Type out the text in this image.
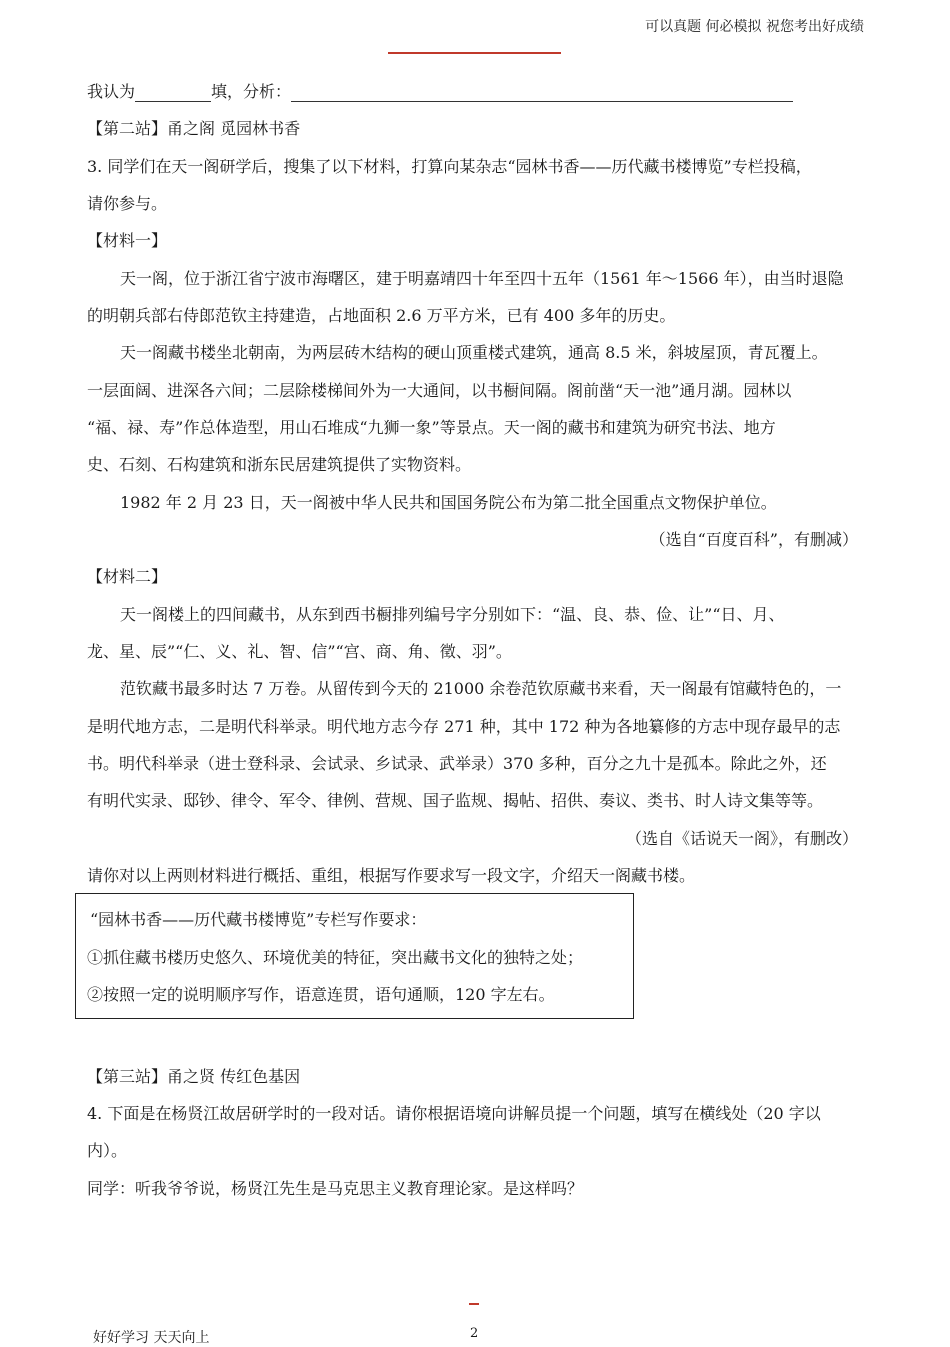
可以真题 何必模拟 祝您考出好成绩
我认为	填，分析：
【第二站】甬之阁 觅园林书香
3. 同学们在天一阁研学后，搜集了以下材料，打算向某杂志“园林书香——历代藏书楼博览”专栏投稿，
请你参与。
【材料一】
天一阁，位于浙江省宁波市海曙区，建于明嘉靖四十年至四十五年（1561 年～1566 年），由当时退隐
的明朝兵部右侍郎范钦主持建造，占地面积 2.6 万平方米，已有 400 多年的历史。
天一阁藏书楼坐北朝南，为两层砖木结构的硬山顶重楼式建筑，通高 8.5 米，斜坡屋顶，青瓦覆上。
一层面阔、进深各六间；二层除楼梯间外为一大通间，以书橱间隔。阁前凿“天一池”通月湖。园林以
“福、禄、寿”作总体造型，用山石堆成“九狮一象”等景点。天一阁的藏书和建筑为研究书法、地方
史、石刻、石构建筑和浙东民居建筑提供了实物资料。
1982 年 2 月 23 日，天一阁被中华人民共和国国务院公布为第二批全国重点文物保护单位。
（选自“百度百科”，有删减）
【材料二】
天一阁楼上的四间藏书，从东到西书橱排列编号字分别如下：“温、良、恭、俭、让”“日、月、
龙、星、辰”“仁、义、礼、智、信”“宫、商、角、徵、羽”。
范钦藏书最多时达 7 万卷。从留传到今天的 21000 余卷范钦原藏书来看，天一阁最有馆藏特色的，一
是明代地方志，二是明代科举录。明代地方志今存 271 种，其中 172 种为各地纂修的方志中现存最早的志
书。明代科举录（进士登科录、会试录、乡试录、武举录）370 多种，百分之九十是孤本。除此之外，还
有明代实录、邸钞、律令、军令、律例、营规、国子监规、揭帖、招供、奏议、类书、时人诗文集等等。
（选自《话说天一阁》，有删改）
请你对以上两则材料进行概括、重组，根据写作要求写一段文字，介绍天一阁藏书楼。
“园林书香——历代藏书楼博览”专栏写作要求：
①抓住藏书楼历史悠久、环境优美的特征，突出藏书文化的独特之处；
②按照一定的说明顺序写作，语意连贯，语句通顺，120 字左右。
【第三站】甬之贤 传红色基因
4. 下面是在杨贤江故居研学时的一段对话。请你根据语境向讲解员提一个问题，填写在横线处（20 字以
内）。
同学：听我爷爷说，杨贤江先生是马克思主义教育理论家。是这样吗？
好好学习 天天向上	2
